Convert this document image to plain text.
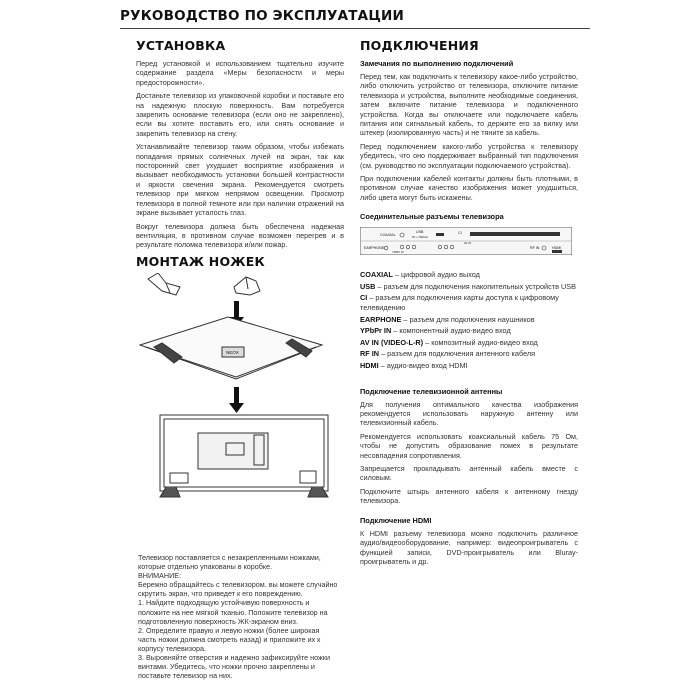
РУКОВОДСТВО ПО ЭКСПЛУАТАЦИИ
УСТАНОВКА

Перед установкой и использованием тщательно изучите содержание раздела «Меры безопасности и меры предосторожности».

Достаньте телевизор из упаковочной коробки и поставьте его на надежную плоскую поверхность. Вам потребуется закрепить основание телевизора (если оно не закреплено), если вы хотите поставить его, или снять основание и закрепить телевизор на стену.

Устанавливайте телевизор таким образом, чтобы избежать попадания прямых солнечных лучей на экран, так как посторонний свет ухудшает восприятие изображения и вызывает необходимость установки большей контрастности и яркости свечения экрана. Рекомендуется смотреть телевизор при мягком непрямом освещении. Просмотр телевизора в полной темноте или при наличии отражений на экране вызывает усталость глаз.

Вокруг телевизора должна быть обеспечена надежная вентиляция, в противном случае возможен перегрев и в результате поломка телевизора и/или пожар.

МОНТАЖ НОЖЕК
NEOX
Телевизор поставляется с незакрепленными ножками, которые отдельно упакованы в коробке.
ВНИМАНИЕ:
Бережно обращайтесь с телевизором. вы можете случайно скрутить экран, что приведет к его повреждению.
1. Найдите подходящую устойчивую поверхность и положите на нее мягкой тканью. Положите телевизор на подготовленную поверхность ЖК-экраном вниз.
2. Определите правую и левую ножки (более широкая часть ножки должна смотреть назад) и приложите их к корпусу телевизора.
3. Выровняйте отверстия и надежно зафиксируйте ножки винтами. Убедитесь, что ножки прочно закреплены и поставьте телевизор на них.
ПОДКЛЮЧЕНИЯ
Замечания по выполнению подключений

Перед тем, как подключить к телевизору какое-либо устройство, либо отключить устройство от телевизора, отключите питание телевизора и устройства, выполните необходимые соединения, затем включите питание телевизора и подключенного устройства. Когда вы отключаете или подключаете кабель питания или сигнальный кабель, то держите его за вилку или штекер (изолированную часть) и не тяните за кабель.

Перед подключением какого-либо устройства к телевизору убедитесь, что оно поддерживает выбранный тип подключения (см. руководство по эксплуатации подключаемого устройства).

При подключении кабелей контакты должны быть плотными, в противном случае качество изображения может ухудшиться, либо цвета могут быть искажены.

Соединительные разъемы телевизора
COAXIAL
USB
5V ⎓ 500mA
CI
EARPHONE
YPbPr IN
AV IN
RF IN	HDMI
COAXIAL – цифровой аудио выход
USB – разъем для подключения накопительных устройств USB
CI – разъем для подключения карты доступа к цифровому телевидению
EARPHONE – разъем для подключения наушников
YPbPr IN – компонентный аудио-видео вход
AV IN (VIDEO-L-R) – композитный аудио-видео вход
RF IN – разъем для подключения антенного кабеля
HDMI – аудио-видео вход HDMI
Подключение телевизионной антенны

Для получения оптимального качества изображения рекомендуется использовать наружную антенну или телевизионный кабель.

Рекомендуется использовать коаксиальный кабель 75 Ом, чтобы не допустить образование помех в результате несовпадения сопротивления.

Запрещается прокладывать антенный кабель вместе с силовым.

Подключите штырь антенного кабеля к антенному гнезду телевизора.

Подключение HDMI

К HDMI разъему телевизора можно подключить различное аудио/видеооборудование, например: видеопроигрыватель с функцией записи, DVD-проигрыватель или Bluray-проигрыватель и др.
